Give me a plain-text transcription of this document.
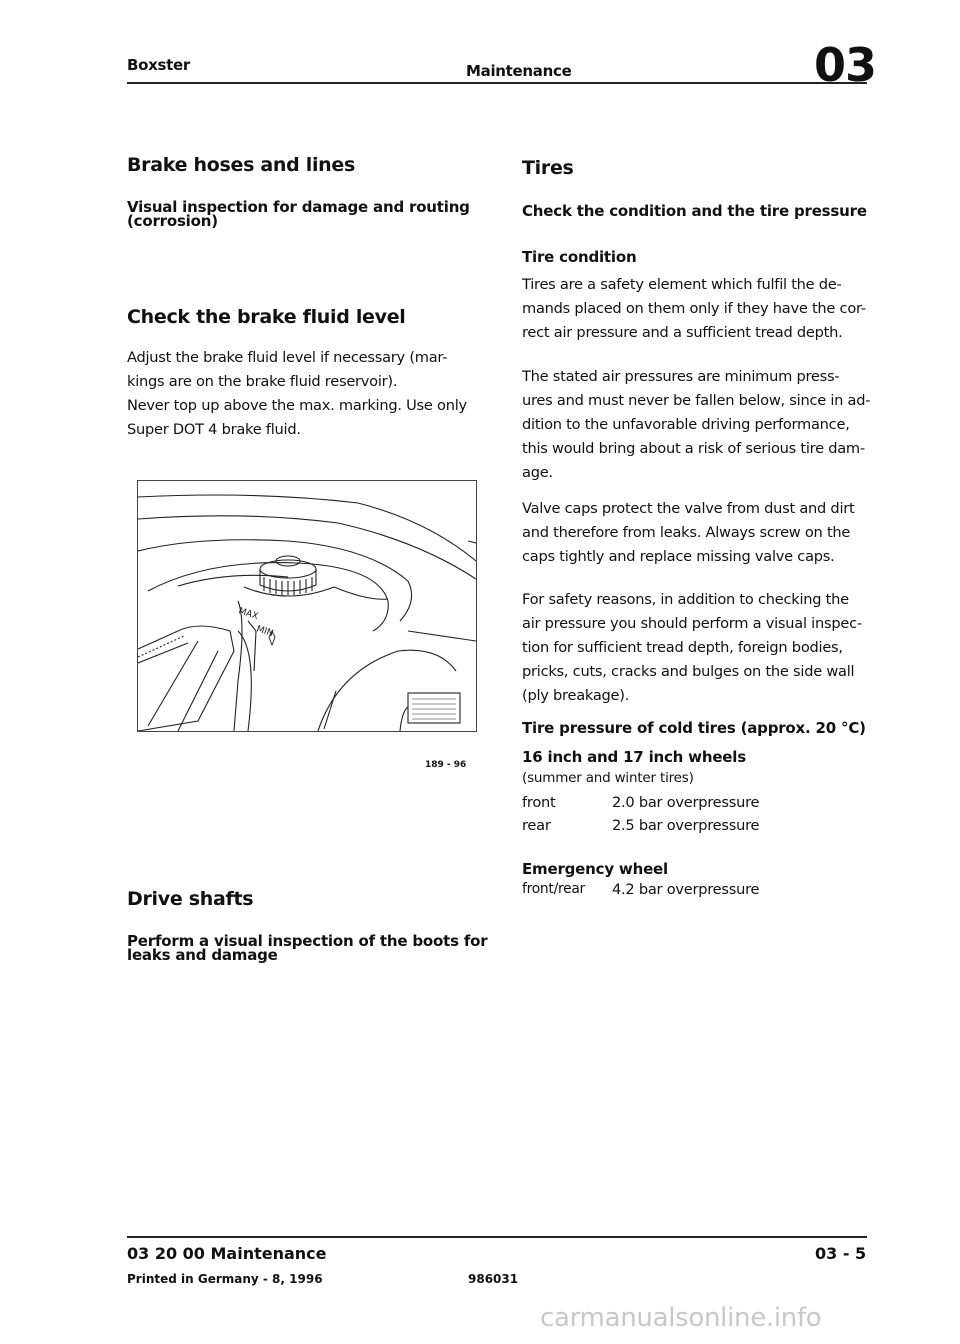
Boxster	Maintenance	03
Brake hoses and lines
Visual inspection for damage and routing
(corrosion)
Check the brake fluid level
Adjust the brake fluid level if necessary (mar-
kings are on the brake fluid reservoir).
Never top up above the max. marking. Use only
Super DOT 4 brake fluid.
MAX
MIN
189 - 96
Drive shafts
Perform a visual inspection of the boots for
leaks and damage
Tires
Check the condition and the tire pressure
Tire condition
Tires are a safety element which fulfil the de-
mands placed on them only if they have the cor-
rect air pressure and a sufficient tread depth.
The stated air pressures are minimum press-
ures and must never be fallen below, since in ad-
dition to the unfavorable driving performance,
this would bring about a risk of serious tire dam-
age.
Valve caps protect the valve from dust and dirt
and therefore from leaks. Always screw on the
caps tightly and replace missing valve caps.
For safety reasons, in addition to checking the
air pressure you should perform a visual inspec-
tion for sufficient tread depth, foreign bodies,
pricks, cuts, cracks and bulges on the side wall
(ply breakage).
Tire pressure of cold tires (approx. 20 °C)
16 inch and 17 inch wheels
(summer and winter tires)
front	2.0 bar overpressure
rear	2.5 bar overpressure
Emergency wheel
front/rear	4.2 bar overpressure
03 20 00 Maintenance	03 - 5
Printed in Germany - 8, 1996	986031
carmanualsonline.info
